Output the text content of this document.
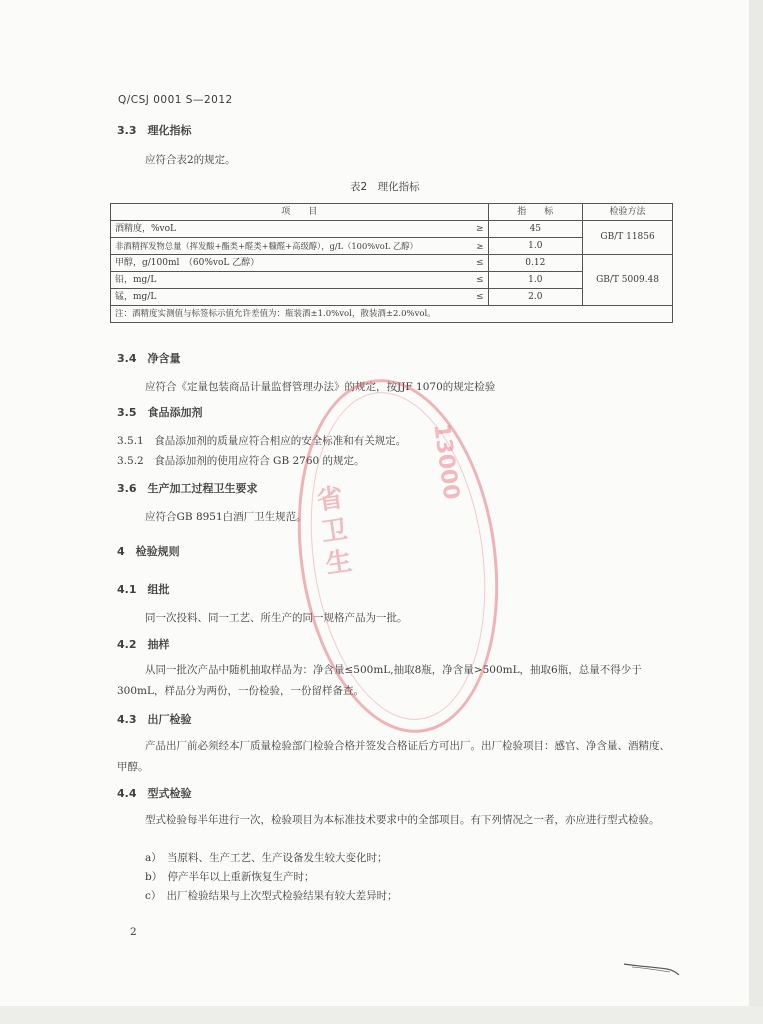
Q/CSJ 0001 S—2012
3.3　理化指标
应符合表2的规定。
表2　理化指标
项　　目	指　　标	检验方法
酒精度，%voL ≥	45	GB/T 11856
非酒精挥发物总量（挥发酸+酯类+醛类+糠醛+高级醇），g/L（100%voL 乙醇） ≥	1.0	
甲醇，g/100ml　（60%voL 乙醇） ≤	0.12	GB/T 5009.48
铅，mg/L ≤	1.0	
锰，mg/L ≤	2.0	
注：酒精度实测值与标签标示值允许差值为：瓶装酒±1.0%vol，散装酒±2.0%vol。		
3.4　净含量
应符合《定量包装商品计量监督管理办法》的规定，按JJF 1070的规定检验
3.5　食品添加剂
3.5.1　食品添加剂的质量应符合相应的安全标准和有关规定。
3.5.2　食品添加剂的使用应符合 GB 2760 的规定。
3.6　生产加工过程卫生要求
应符合GB 8951白酒厂卫生规范。
4　检验规则
4.1　组批
同一次投料、同一工艺、所生产的同一规格产品为一批。
4.2　抽样
从同一批次产品中随机抽取样品为：净含量≤500mL,抽取8瓶，净含量>500mL，抽取6瓶，总量不得少于300mL，样品分为两份，一份检验，一份留样备查。
4.3　出厂检验
产品出厂前必须经本厂质量检验部门检验合格并签发合格证后方可出厂。出厂检验项目：感官、净含量、酒精度、甲醇。
4.4　型式检验
型式检验每半年进行一次，检验项目为本标准技术要求中的全部项目。有下列情况之一者，亦应进行型式检验。
a）　当原料、生产工艺、生产设备发生较大变化时；
b）　停产半年以上重新恢复生产时；
c）　出厂检验结果与上次型式检验结果有较大差异时；
2
省卫生
13000
